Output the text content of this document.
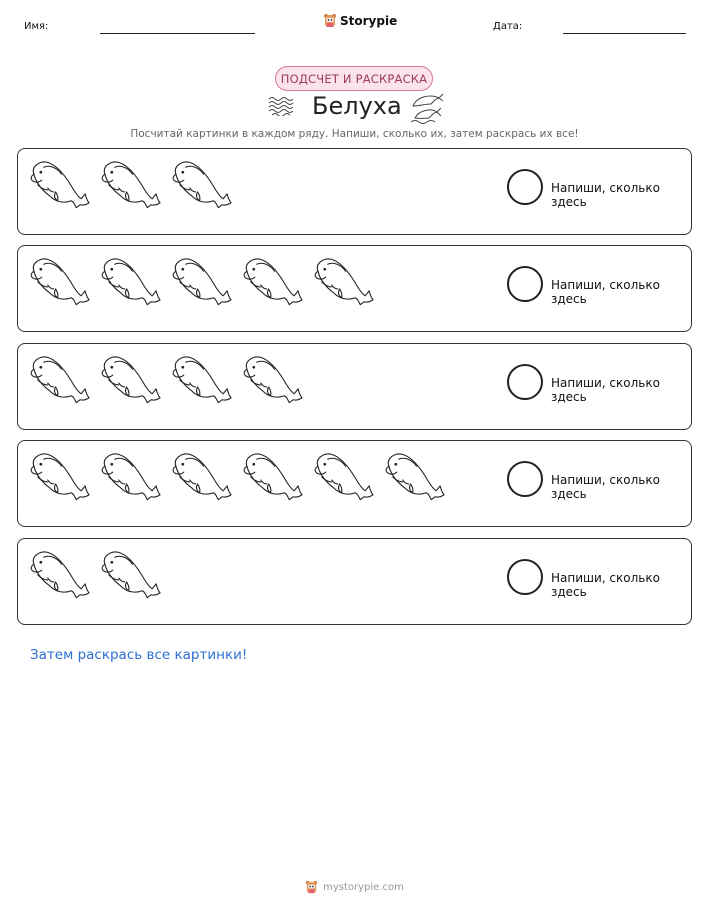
Имя:	Storypie	Дата:
ПОДСЧЕТ И РАСКРАСКА
Белуха
Посчитай картинки в каждом ряду. Напиши, сколько их, затем раскрась их все!
Напиши, сколько здесь
Напиши, сколько здесь
Напиши, сколько здесь
Напиши, сколько здесь
Напиши, сколько здесь
Затем раскрась все картинки!
mystorypie.com
